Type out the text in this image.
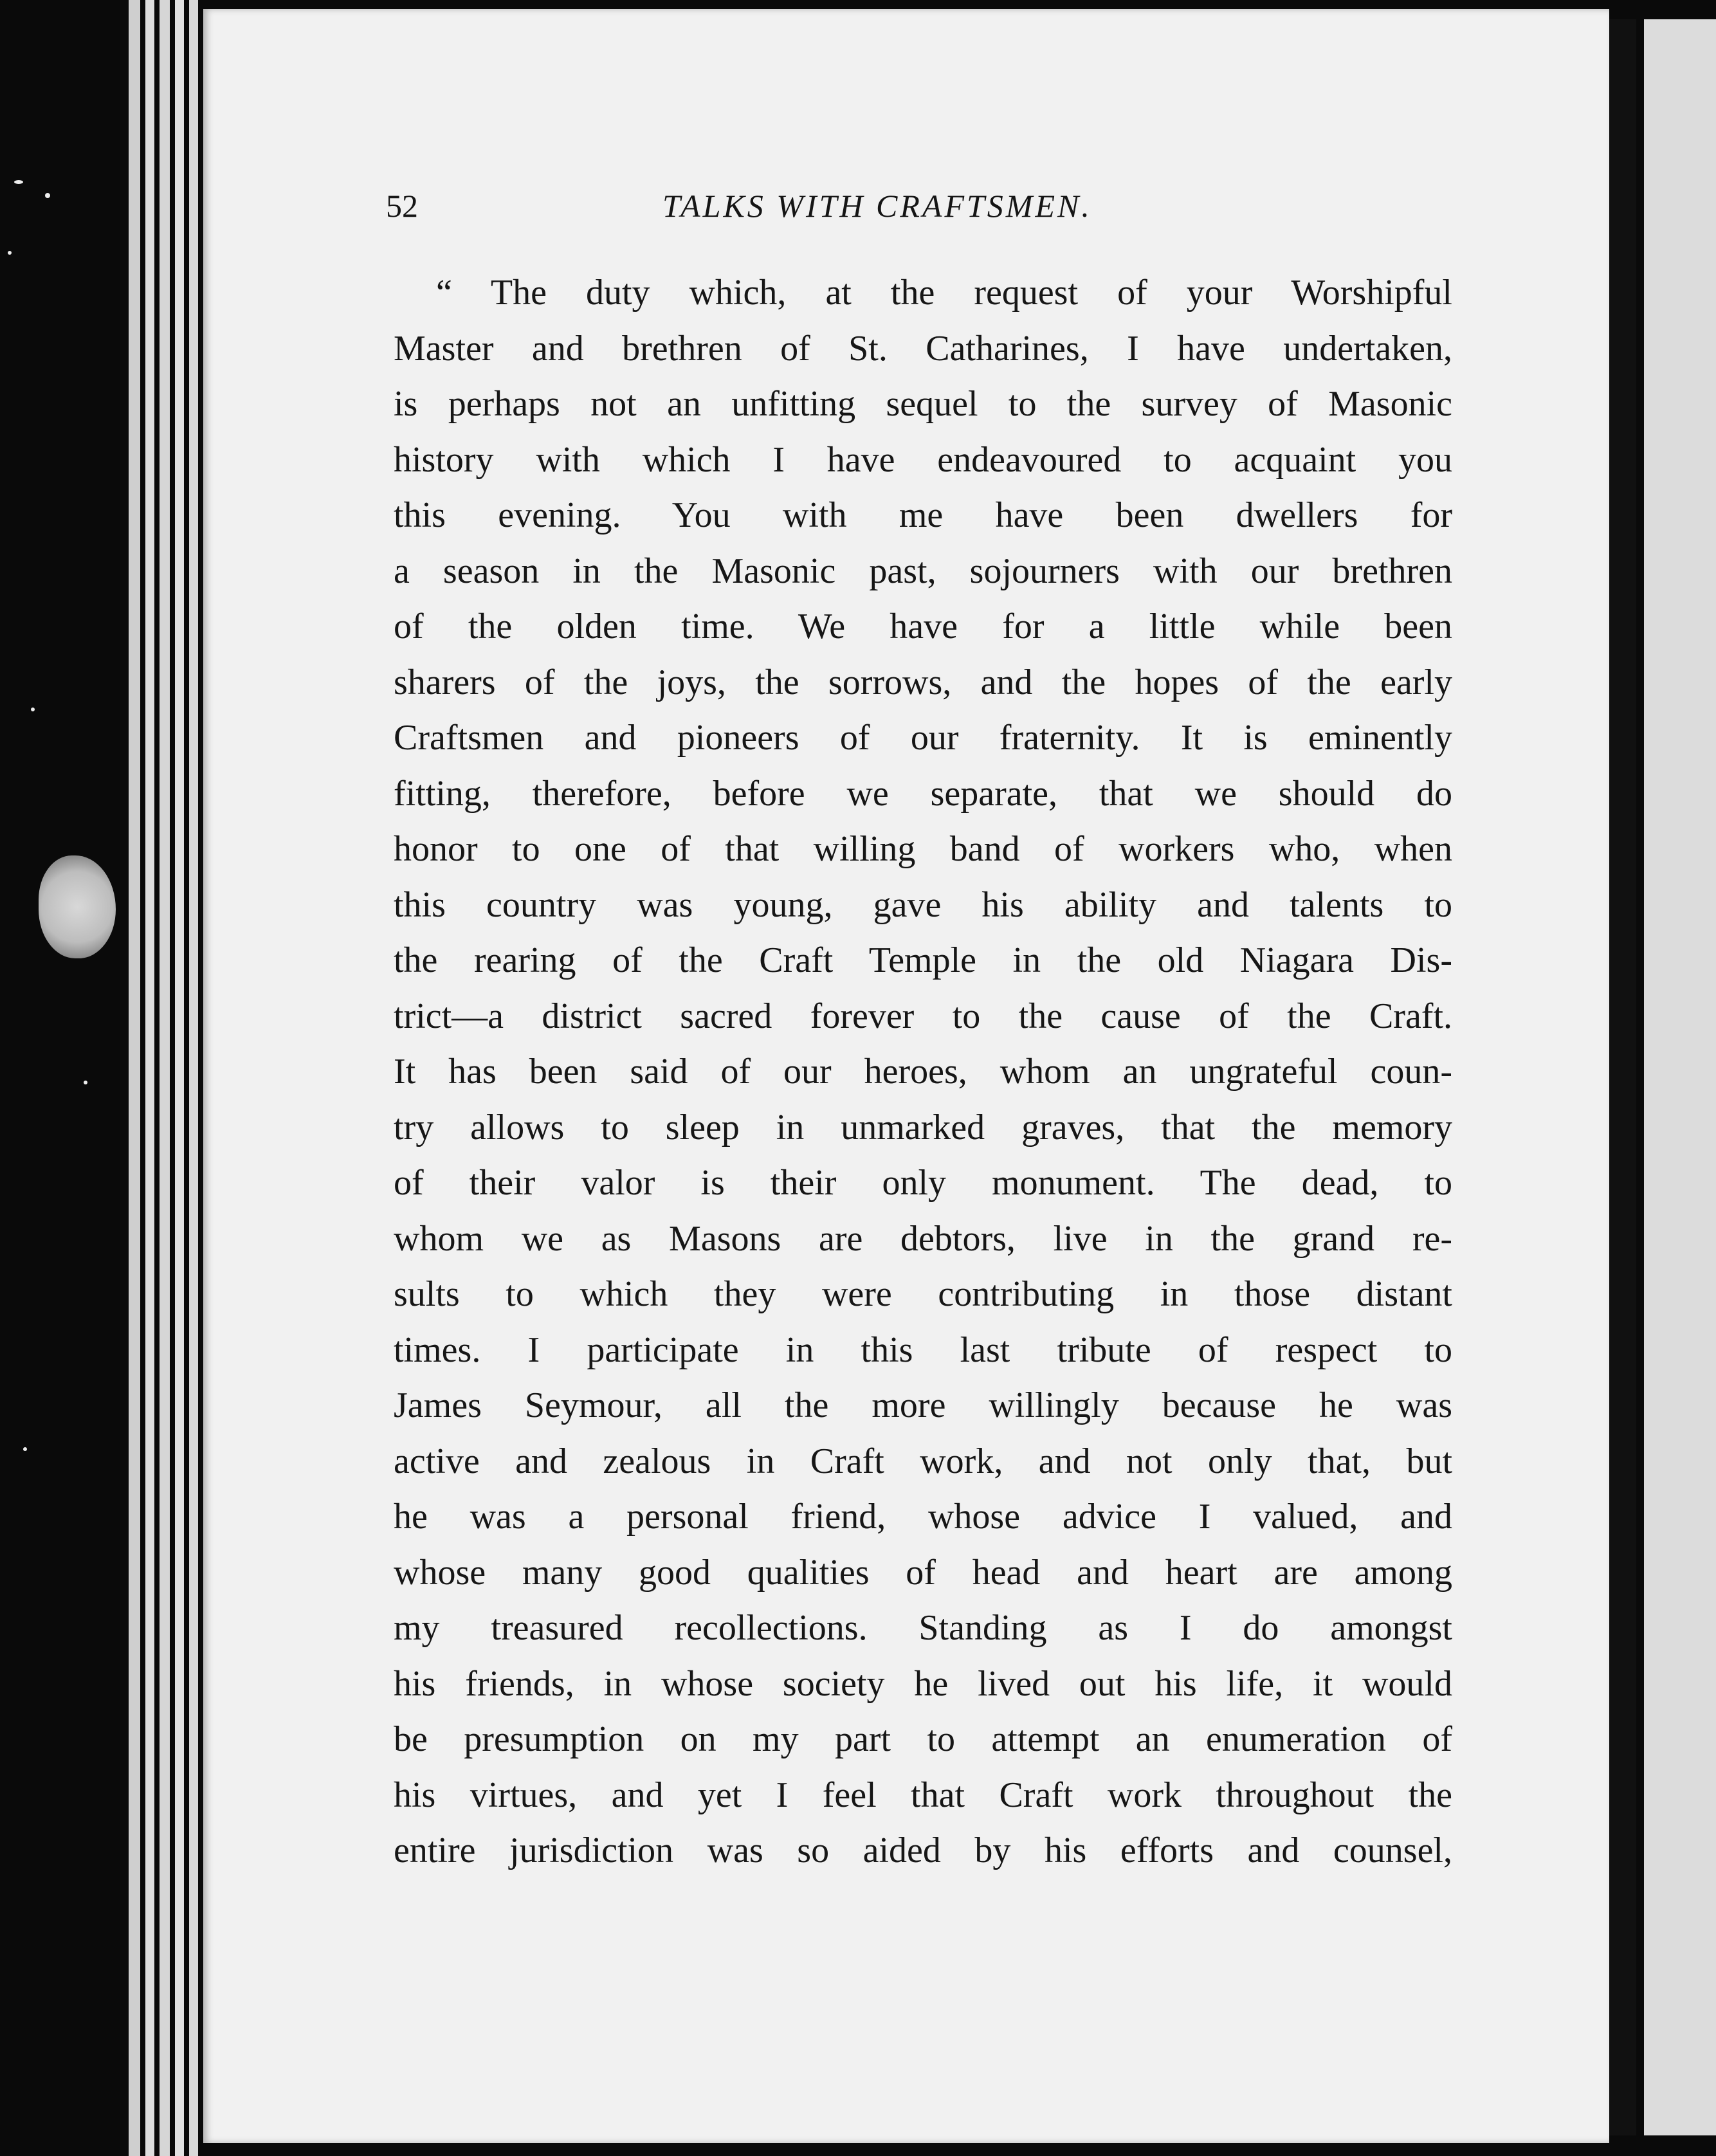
52	TALKS WITH CRAFTSMEN.
“ The duty which, at the request of your Worshipful
Master and brethren of St. Catharines, I have undertaken,
is perhaps not an unfitting sequel to the survey of Masonic
history with which I have endeavoured to acquaint you
this evening. You with me have been dwellers for
a season in the Masonic past, sojourners with our brethren
of the olden time. We have for a little while been
sharers of the joys, the sorrows, and the hopes of the early
Craftsmen and pioneers of our fraternity. It is eminently
fitting, therefore, before we separate, that we should do
honor to one of that willing band of workers who, when
this country was young, gave his ability and talents to
the rearing of the Craft Temple in the old Niagara Dis-
trict—a district sacred forever to the cause of the Craft.
It has been said of our heroes, whom an ungrateful coun-
try allows to sleep in unmarked graves, that the memory
of their valor is their only monument. The dead, to
whom we as Masons are debtors, live in the grand re-
sults to which they were contributing in those distant
times. I participate in this last tribute of respect to
James Seymour, all the more willingly because he was
active and zealous in Craft work, and not only that, but
he was a personal friend, whose advice I valued, and
whose many good qualities of head and heart are among
my treasured recollections. Standing as I do amongst
his friends, in whose society he lived out his life, it would
be presumption on my part to attempt an enumeration of
his virtues, and yet I feel that Craft work throughout the
entire jurisdiction was so aided by his efforts and counsel,
